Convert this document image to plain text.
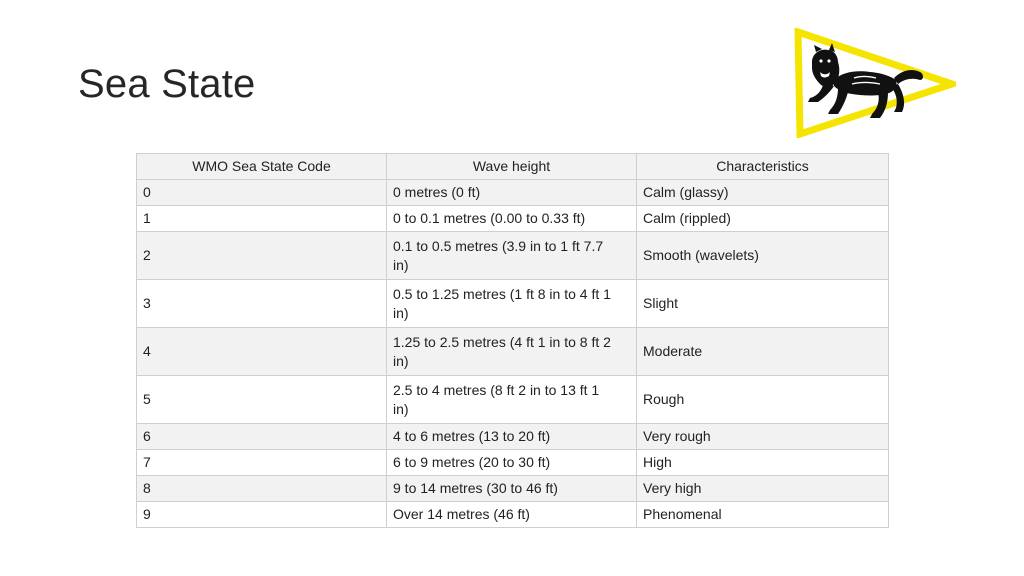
Sea State
WMO Sea State Code	Wave height	Characteristics
0	0 metres (0 ft)	Calm (glassy)
1	0 to 0.1 metres (0.00 to 0.33 ft)	Calm (rippled)
2	0.1 to 0.5 metres (3.9 in to 1 ft 7.7 in)	Smooth (wavelets)
3	0.5 to 1.25 metres (1 ft 8 in to 4 ft 1 in)	Slight
4	1.25 to 2.5 metres (4 ft 1 in to 8 ft 2 in)	Moderate
5	2.5 to 4 metres (8 ft 2 in to 13 ft 1 in)	Rough
6	4 to 6 metres (13 to 20 ft)	Very rough
7	6 to 9 metres (20 to 30 ft)	High
8	9 to 14 metres (30 to 46 ft)	Very high
9	Over 14 metres (46 ft)	Phenomenal
